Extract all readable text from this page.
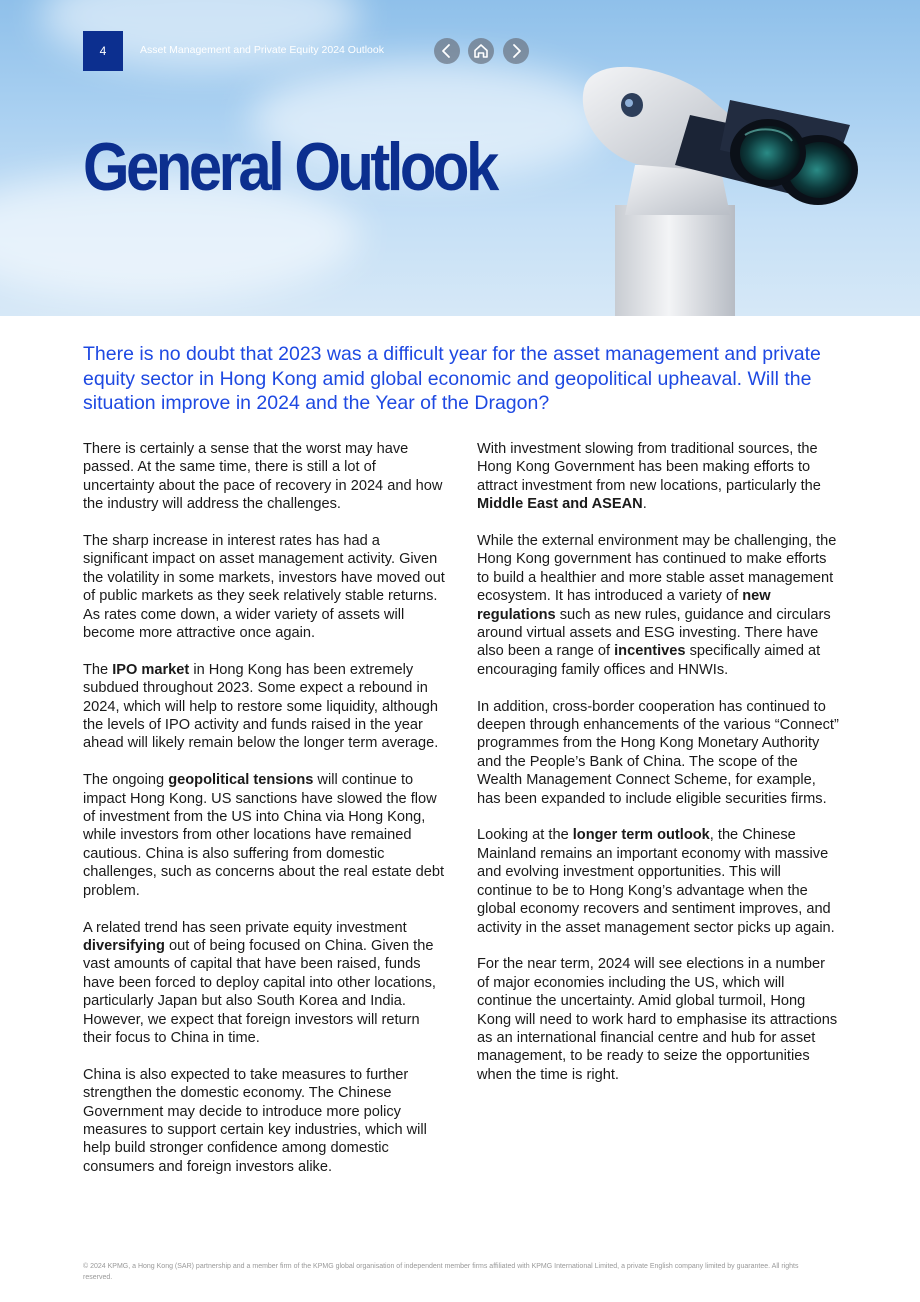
4	Asset Management and Private Equity 2024 Outlook
General Outlook

There is no doubt that 2023 was a difficult year for the asset management and private equity sector in Hong Kong amid global economic and geopolitical upheaval. Will the situation improve in 2024 and the Year of the Dragon?

There is certainly a sense that the worst may have passed. At the same time, there is still a lot of uncertainty about the pace of recovery in 2024 and how the industry will address the challenges.

The sharp increase in interest rates has had a significant impact on asset management activity. Given the volatility in some markets, investors have moved out of public markets as they seek relatively stable returns. As rates come down, a wider variety of assets will become more attractive once again.

The IPO market in Hong Kong has been extremely subdued throughout 2023. Some expect a rebound in 2024, which will help to restore some liquidity, although the levels of IPO activity and funds raised in the year ahead will likely remain below the longer term average.

The ongoing geopolitical tensions will continue to impact Hong Kong. US sanctions have slowed the flow of investment from the US into China via Hong Kong, while investors from other locations have remained cautious. China is also suffering from domestic challenges, such as concerns about the real estate debt problem.

A related trend has seen private equity investment diversifying out of being focused on China. Given the vast amounts of capital that have been raised, funds have been forced to deploy capital into other locations, particularly Japan but also South Korea and India. However, we expect that foreign investors will return their focus to China in time.

China is also expected to take measures to further strengthen the domestic economy. The Chinese Government may decide to introduce more policy measures to support certain key industries, which will help build stronger confidence among domestic consumers and foreign investors alike.

With investment slowing from traditional sources, the Hong Kong Government has been making efforts to attract investment from new locations, particularly the Middle East and ASEAN.

While the external environment may be challenging, the Hong Kong government has continued to make efforts to build a healthier and more stable asset management ecosystem. It has introduced a variety of new regulations such as new rules, guidance and circulars around virtual assets and ESG investing. There have also been a range of incentives specifically aimed at encouraging family offices and HNWIs.

In addition, cross-border cooperation has continued to deepen through enhancements of the various “Connect” programmes from the Hong Kong Monetary Authority and the People’s Bank of China. The scope of the Wealth Management Connect Scheme, for example, has been expanded to include eligible securities firms.

Looking at the longer term outlook, the Chinese Mainland remains an important economy with massive and evolving investment opportunities. This will continue to be to Hong Kong’s advantage when the global economy recovers and sentiment improves, and activity in the asset management sector picks up again.

For the near term, 2024 will see elections in a number of major economies including the US, which will continue the uncertainty. Amid global turmoil, Hong Kong will need to work hard to emphasise its attractions as an international financial centre and hub for asset management, to be ready to seize the opportunities when the time is right.

© 2024 KPMG, a Hong Kong (SAR) partnership and a member firm of the KPMG global organisation of independent member firms affiliated with KPMG International Limited, a private English company limited by guarantee. All rights reserved.
